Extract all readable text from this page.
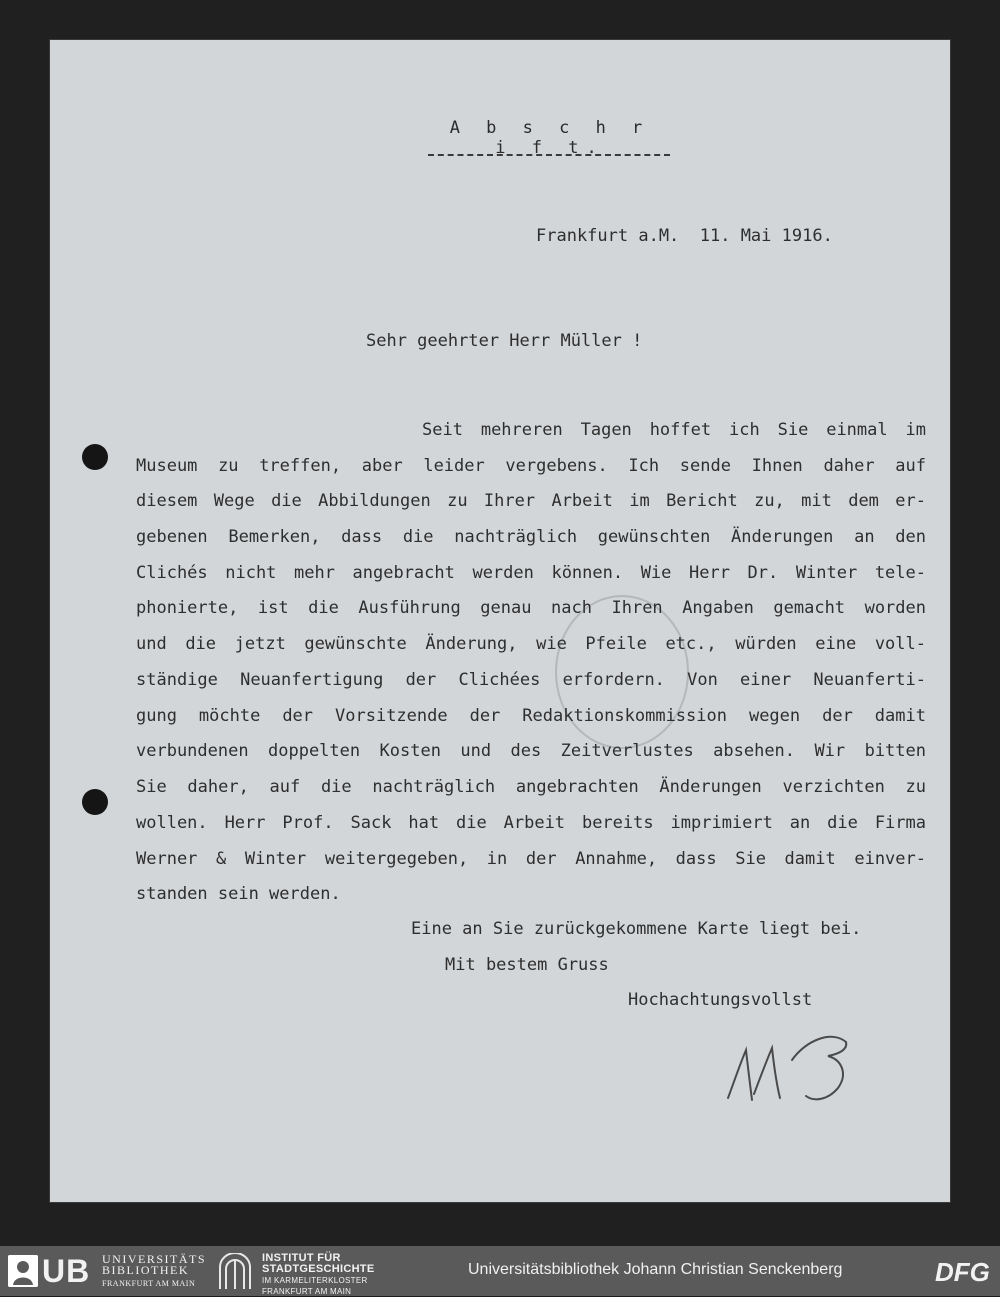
A b s c h r i f t.
Frankfurt a.M.  11. Mai 1916.
Sehr geehrter Herr Müller !
Seit mehreren Tagen hoffet ich Sie einmal im
Museum zu treffen, aber leider vergebens. Ich sende Ihnen daher auf
diesem Wege die Abbildungen zu Ihrer Arbeit im Bericht zu, mit dem er-
gebenen Bemerken, dass die nachträglich gewünschten Änderungen an den
Clichés nicht mehr angebracht werden können. Wie Herr Dr. Winter tele-
phonierte, ist die Ausführung genau nach Ihren Angaben gemacht worden
und die jetzt gewünschte Änderung, wie Pfeile etc., würden eine voll-
ständige Neuanfertigung der Clichées erfordern. Von einer Neuanferti-
gung möchte der Vorsitzende der Redaktionskommission wegen der damit
verbundenen doppelten Kosten und des Zeitverlustes absehen. Wir bitten
Sie daher, auf die nachträglich angebrachten Änderungen verzichten zu
wollen. Herr Prof. Sack hat die Arbeit bereits imprimiert an die Firma
Werner & Winter weitergegeben, in der Annahme, dass Sie damit einver-
standen sein werden.
Eine an Sie zurückgekommene Karte liegt bei.
Mit bestem Gruss
Hochachtungsvollst
UB UNIVERSITÄTS
BIBLIOTHEK
FRANKFURT AM MAIN
INSTITUT FÜR
STADTGESCHICHTE
IM KARMELITERKLOSTER
FRANKFURT AM MAIN
Universitätsbibliothek Johann Christian Senckenberg	DFG
